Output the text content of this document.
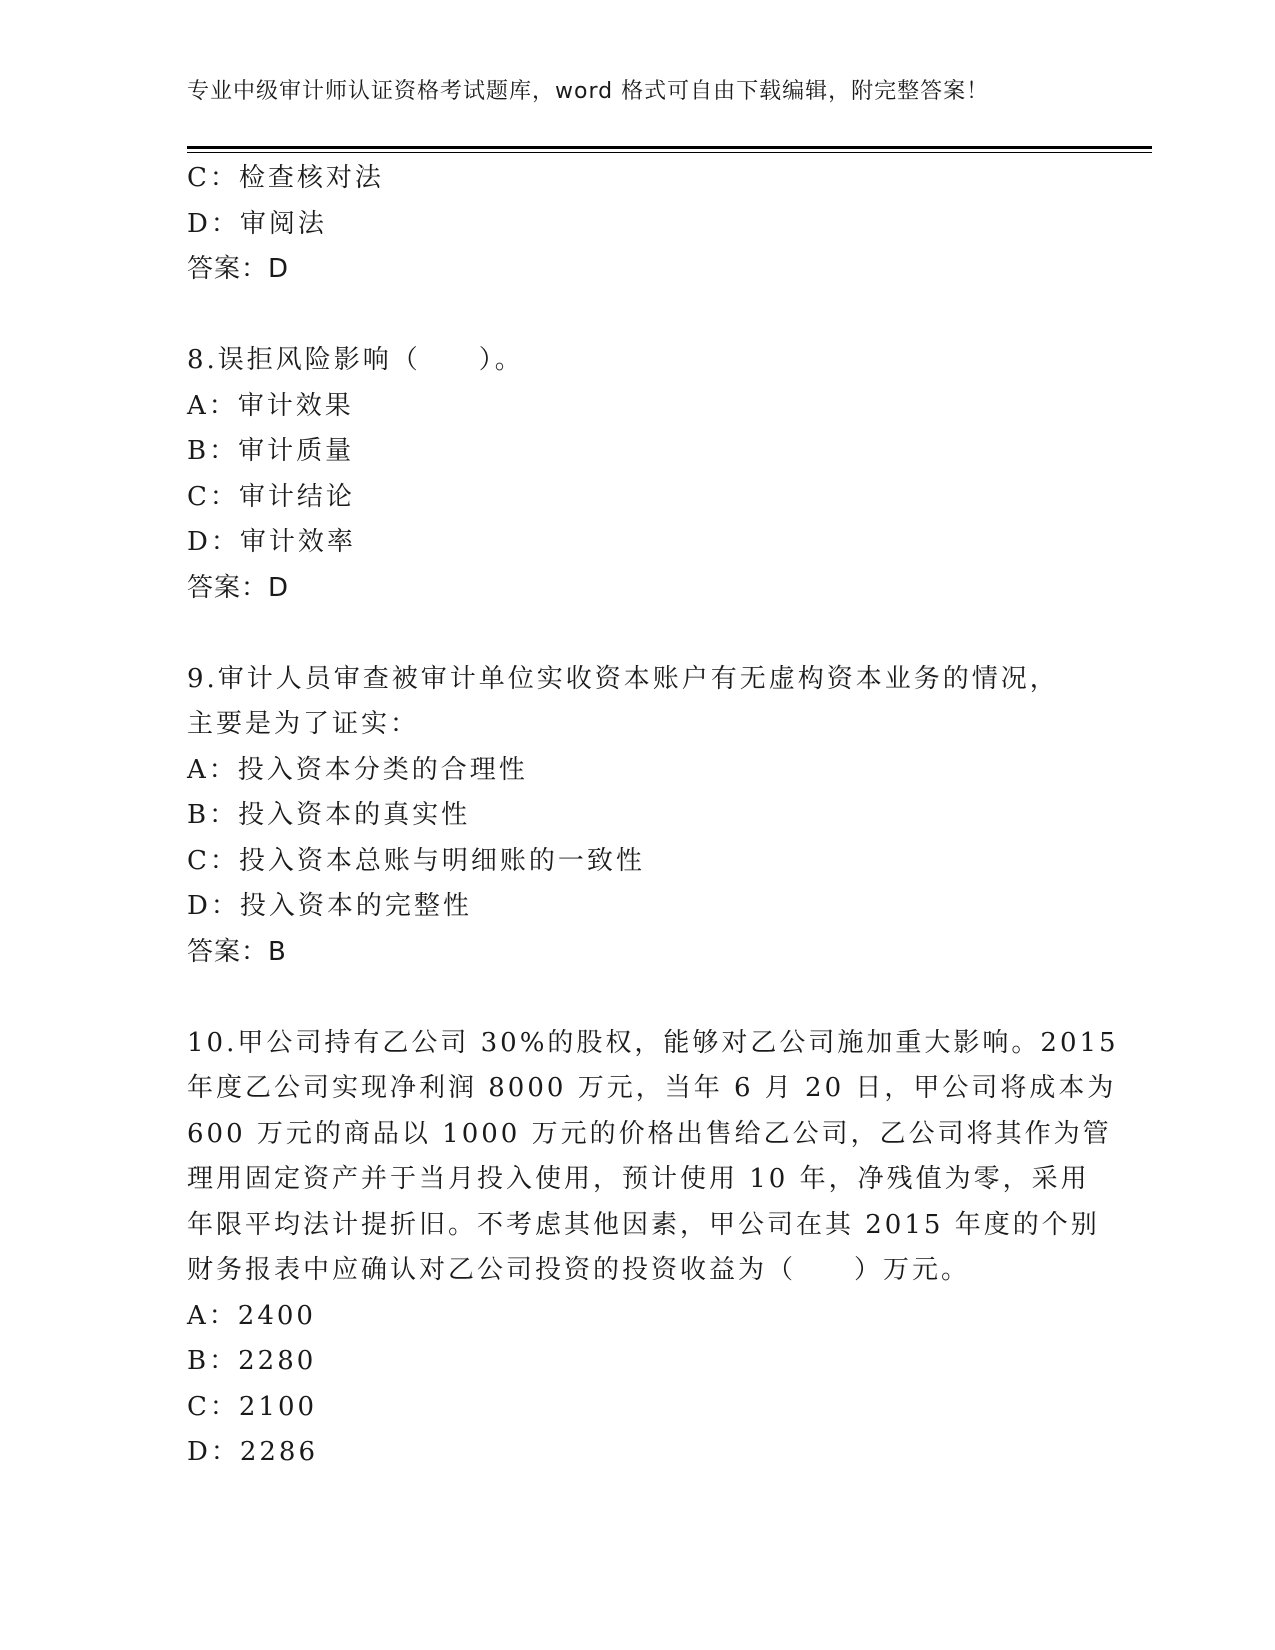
专业中级审计师认证资格考试题库，word 格式可自由下载编辑，附完整答案！
C：检查核对法
D：审阅法
答案：D
8.误拒风险影响（　　）。
A：审计效果
B：审计质量
C：审计结论
D：审计效率
答案：D
9.审计人员审查被审计单位实收资本账户有无虚构资本业务的情况，
主要是为了证实：
A：投入资本分类的合理性
B：投入资本的真实性
C：投入资本总账与明细账的一致性
D：投入资本的完整性
答案：B
10.甲公司持有乙公司 30%的股权，能够对乙公司施加重大影响。2015
年度乙公司实现净利润 8000 万元，当年 6 月 20 日，甲公司将成本为
600 万元的商品以 1000 万元的价格出售给乙公司，乙公司将其作为管
理用固定资产并于当月投入使用，预计使用 10 年，净残值为零，采用
年限平均法计提折旧。不考虑其他因素，甲公司在其 2015 年度的个别
财务报表中应确认对乙公司投资的投资收益为（　　）万元。
A：2400
B：2280
C：2100
D：2286
